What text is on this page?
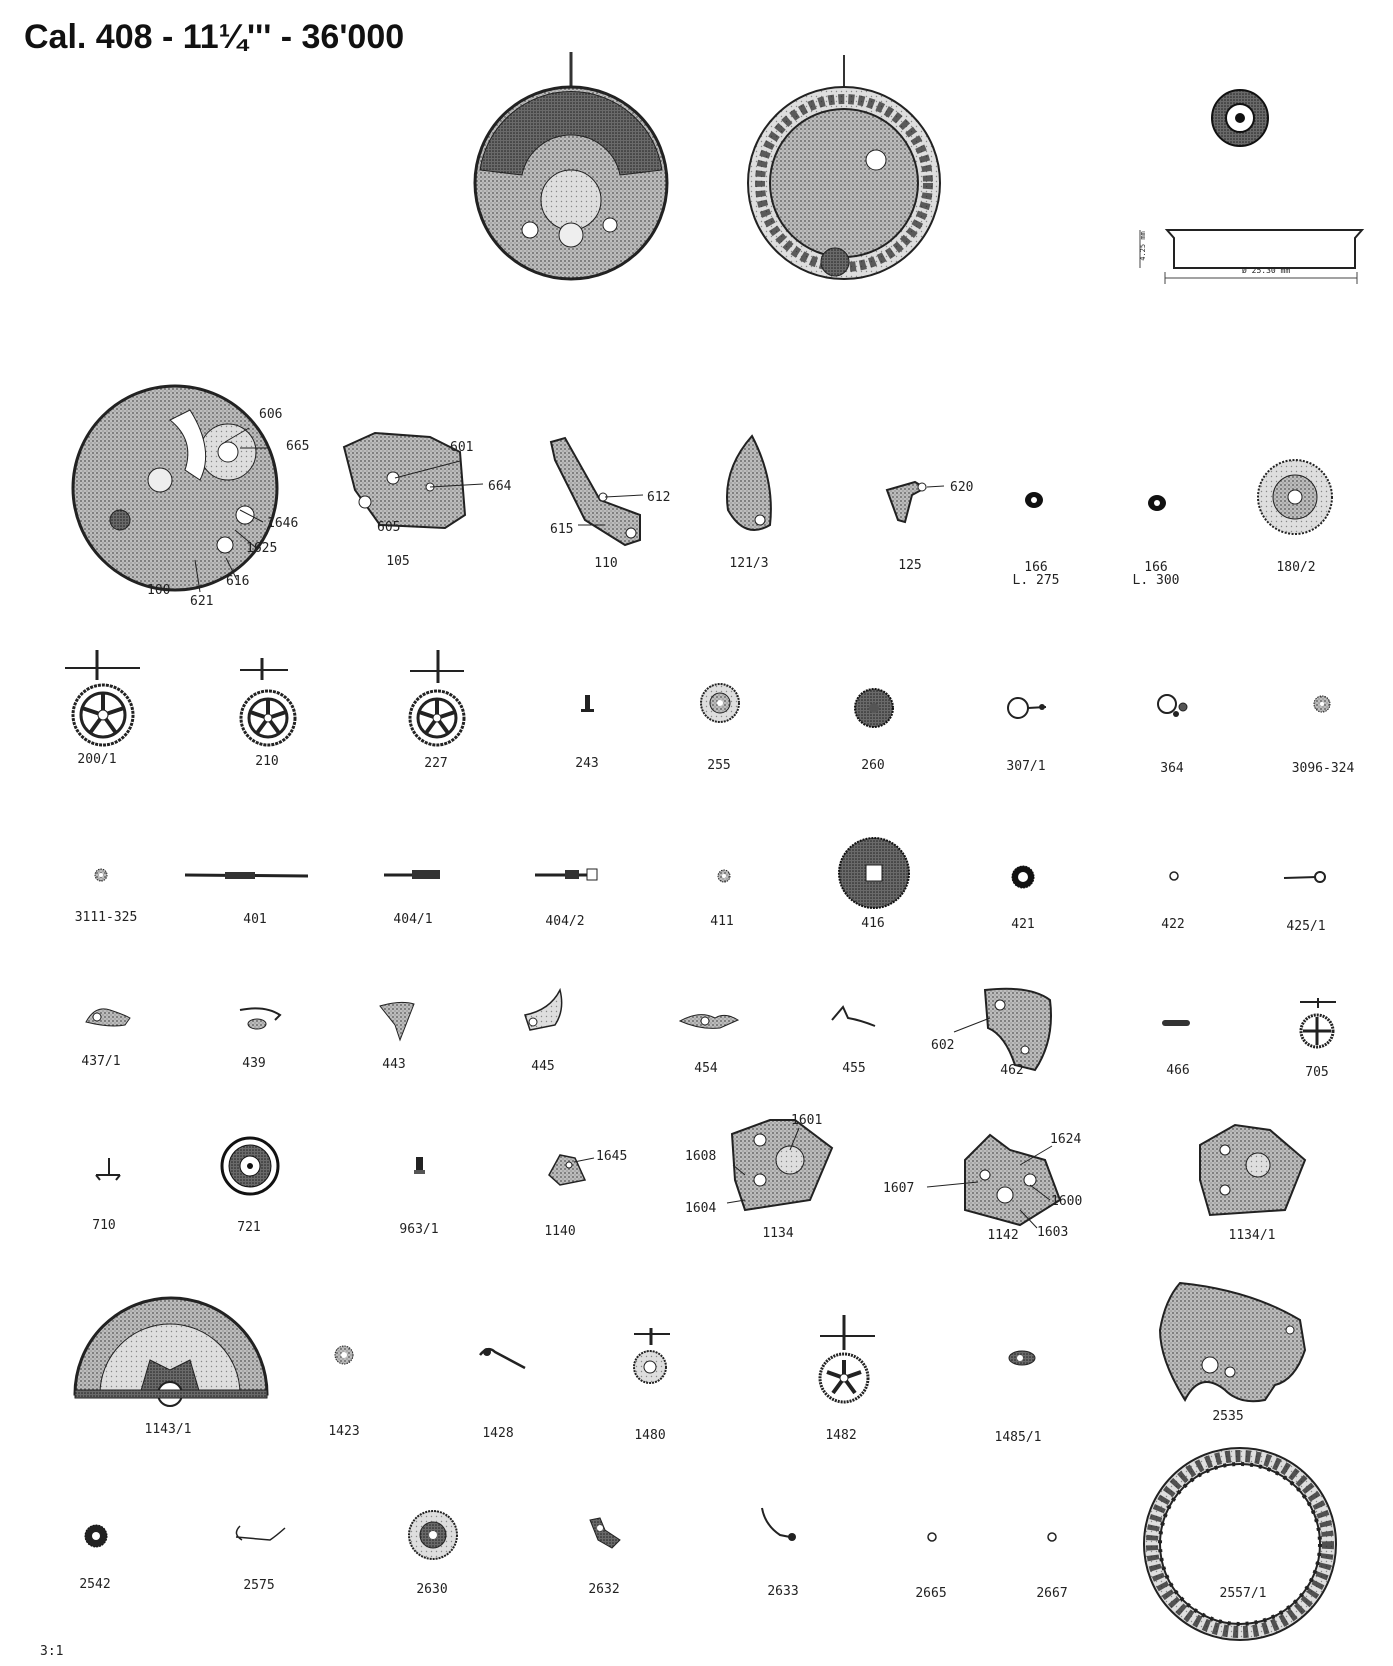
Cal. 408 - 11¼''' - 36'000
4.25 mm
Ø 25.30 mm
606
665
1646
1625
616
100
621
601
664
605
612
615
620
602
1645
1601
1608
1604
1624
1607
1600
1603
105	110	121/3	125	166
L. 275
166
L. 300
180/2
200/1	210	227	243	255	260	307/1	364	3096-324
3111-325	401	404/1	404/2	411	416	421	422	425/1
437/1	439	443	445	454	455	462	466	705
710	721	963/1	1140	1134	1142	1134/1
1143/1	1423	1428	1480	1482	1485/1
2535
2542	2575	2630	2632	2633	2665	2667	2557/1
3:1
